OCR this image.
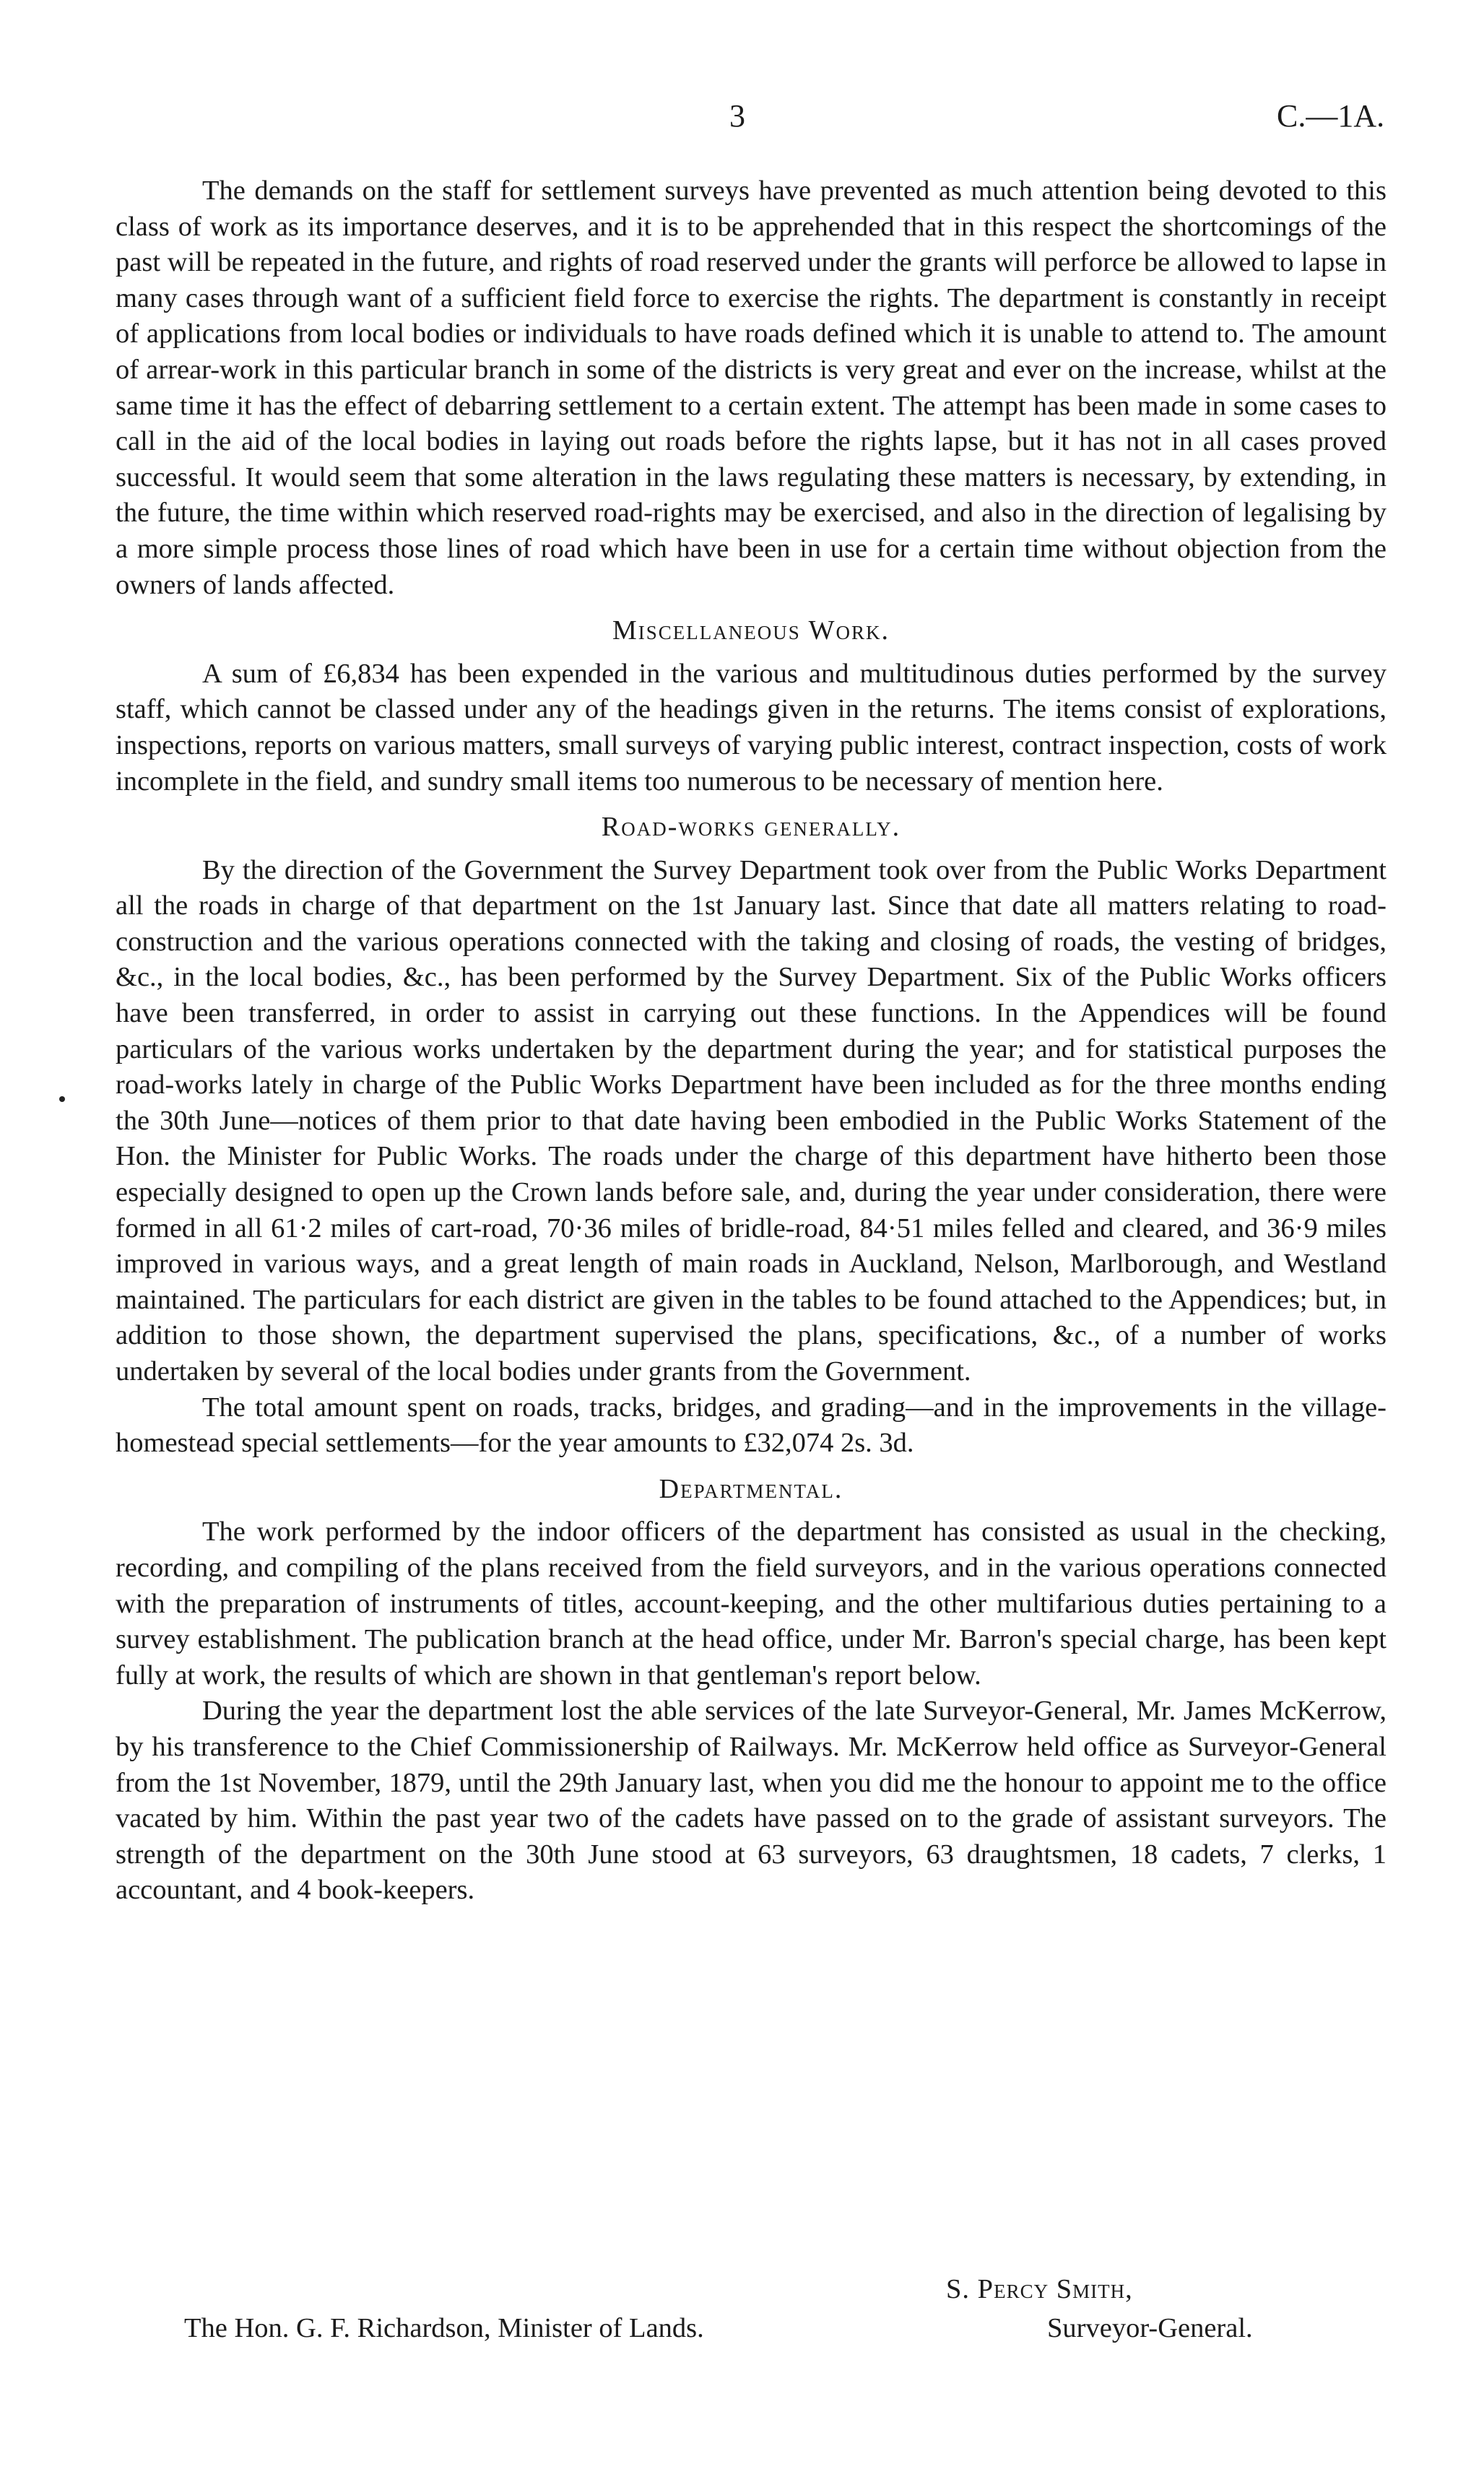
3	C.—1A.

The demands on the staff for settlement surveys have prevented as much attention being devoted to this class of work as its importance deserves, and it is to be apprehended that in this respect the shortcomings of the past will be repeated in the future, and rights of road reserved under the grants will perforce be allowed to lapse in many cases through want of a sufficient field force to exercise the rights. The department is constantly in receipt of applications from local bodies or individuals to have roads defined which it is unable to attend to. The amount of arrear-work in this particular branch in some of the districts is very great and ever on the increase, whilst at the same time it has the effect of debarring settlement to a certain extent. The attempt has been made in some cases to call in the aid of the local bodies in laying out roads before the rights lapse, but it has not in all cases proved successful. It would seem that some alteration in the laws regulating these matters is necessary, by extending, in the future, the time within which reserved road-rights may be exercised, and also in the direction of legalising by a more simple process those lines of road which have been in use for a certain time without objection from the owners of lands affected.

Miscellaneous Work.

A sum of £6,834 has been expended in the various and multitudinous duties performed by the survey staff, which cannot be classed under any of the headings given in the returns. The items consist of explorations, inspections, reports on various matters, small surveys of varying public interest, contract inspection, costs of work incomplete in the field, and sundry small items too numerous to be necessary of mention here.

Road-works generally.

By the direction of the Government the Survey Department took over from the Public Works Department all the roads in charge of that department on the 1st January last. Since that date all matters relating to road-construction and the various operations connected with the taking and closing of roads, the vesting of bridges, &c., in the local bodies, &c., has been performed by the Survey Department. Six of the Public Works officers have been transferred, in order to assist in carrying out these functions. In the Appendices will be found particulars of the various works undertaken by the department during the year; and for statistical purposes the road-works lately in charge of the Public Works Department have been included as for the three months ending the 30th June—notices of them prior to that date having been embodied in the Public Works Statement of the Hon. the Minister for Public Works. The roads under the charge of this department have hitherto been those especially designed to open up the Crown lands before sale, and, during the year under consideration, there were formed in all 61·2 miles of cart-road, 70·36 miles of bridle-road, 84·51 miles felled and cleared, and 36·9 miles improved in various ways, and a great length of main roads in Auckland, Nelson, Marlborough, and Westland maintained. The particulars for each district are given in the tables to be found attached to the Appendices; but, in addition to those shown, the department supervised the plans, specifications, &c., of a number of works undertaken by several of the local bodies under grants from the Government.

The total amount spent on roads, tracks, bridges, and grading—and in the improvements in the village-homestead special settlements—for the year amounts to £32,074 2s. 3d.

Departmental.

The work performed by the indoor officers of the department has consisted as usual in the checking, recording, and compiling of the plans received from the field surveyors, and in the various operations connected with the preparation of instruments of titles, account-keeping, and the other multifarious duties pertaining to a survey establishment. The publication branch at the head office, under Mr. Barron's special charge, has been kept fully at work, the results of which are shown in that gentleman's report below.

During the year the department lost the able services of the late Surveyor-General, Mr. James McKerrow, by his transference to the Chief Commissionership of Railways. Mr. McKerrow held office as Surveyor-General from the 1st November, 1879, until the 29th January last, when you did me the honour to appoint me to the office vacated by him. Within the past year two of the cadets have passed on to the grade of assistant surveyors. The strength of the department on the 30th June stood at 63 surveyors, 63 draughtsmen, 18 cadets, 7 clerks, 1 accountant, and 4 book-keepers.

S. Percy Smith,
The Hon. G. F. Richardson, Minister of Lands.	Surveyor-General.
